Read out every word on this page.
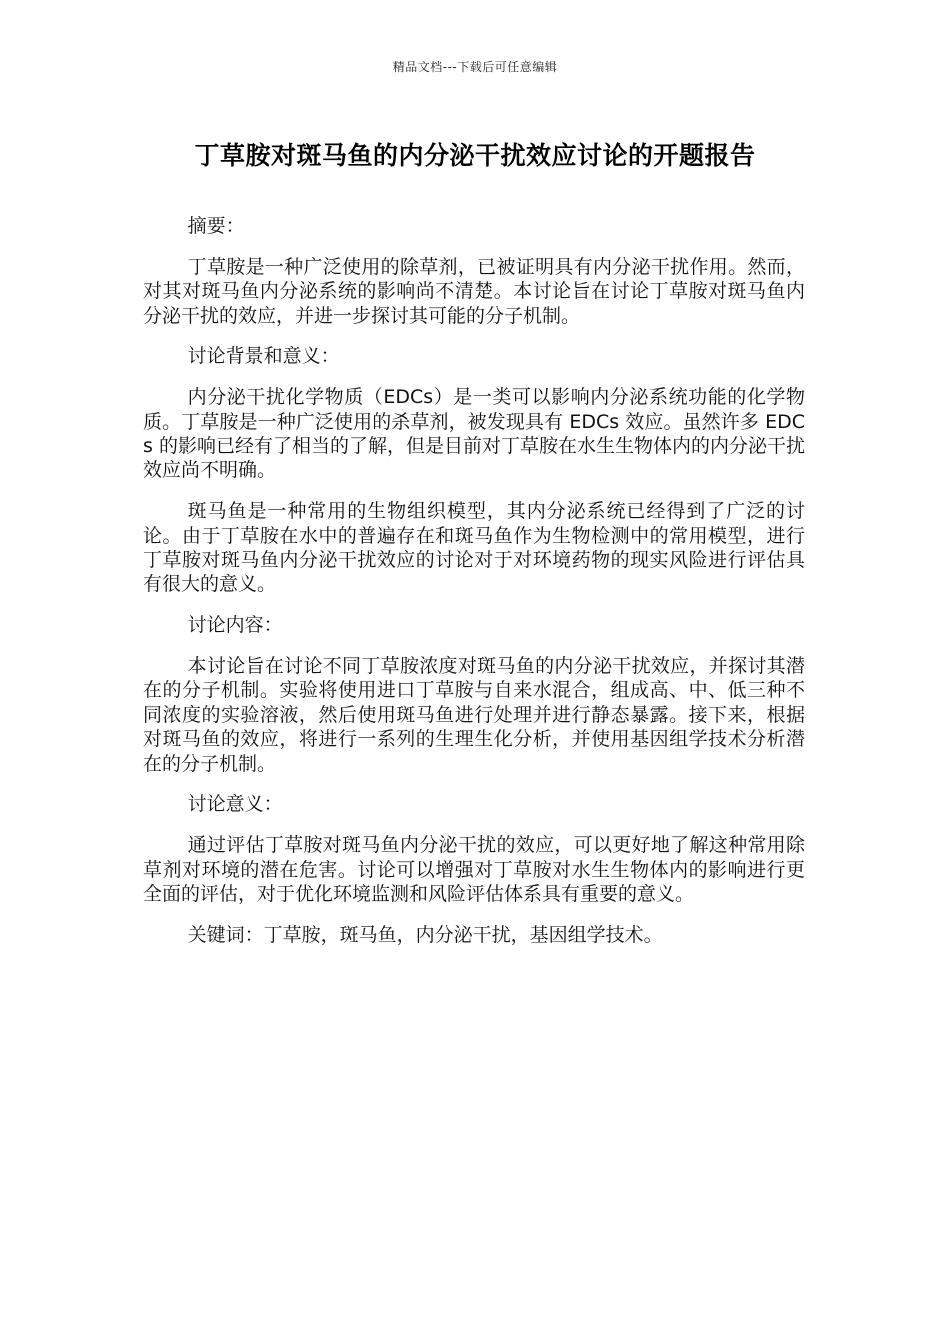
精品文档---下载后可任意编辑
丁草胺对斑马鱼的内分泌干扰效应讨论的开题报告

摘要：

丁草胺是一种广泛使用的除草剂，已被证明具有内分泌干扰作用。然而，对其对斑马鱼内分泌系统的影响尚不清楚。本讨论旨在讨论丁草胺对斑马鱼内分泌干扰的效应，并进一步探讨其可能的分子机制。

讨论背景和意义：

内分泌干扰化学物质（EDCs）是一类可以影响内分泌系统功能的化学物质。丁草胺是一种广泛使用的杀草剂，被发现具有 EDCs 效应。虽然许多 EDCs 的影响已经有了相当的了解，但是目前对丁草胺在水生生物体内的内分泌干扰效应尚不明确。

斑马鱼是一种常用的生物组织模型，其内分泌系统已经得到了广泛的讨论。由于丁草胺在水中的普遍存在和斑马鱼作为生物检测中的常用模型，进行丁草胺对斑马鱼内分泌干扰效应的讨论对于对环境药物的现实风险进行评估具有很大的意义。

讨论内容：

本讨论旨在讨论不同丁草胺浓度对斑马鱼的内分泌干扰效应，并探讨其潜在的分子机制。实验将使用进口丁草胺与自来水混合，组成高、中、低三种不同浓度的实验溶液，然后使用斑马鱼进行处理并进行静态暴露。接下来，根据对斑马鱼的效应，将进行一系列的生理生化分析，并使用基因组学技术分析潜在的分子机制。

讨论意义：

通过评估丁草胺对斑马鱼内分泌干扰的效应，可以更好地了解这种常用除草剂对环境的潜在危害。讨论可以增强对丁草胺对水生生物体内的影响进行更全面的评估，对于优化环境监测和风险评估体系具有重要的意义。

关键词：丁草胺，斑马鱼，内分泌干扰，基因组学技术。
